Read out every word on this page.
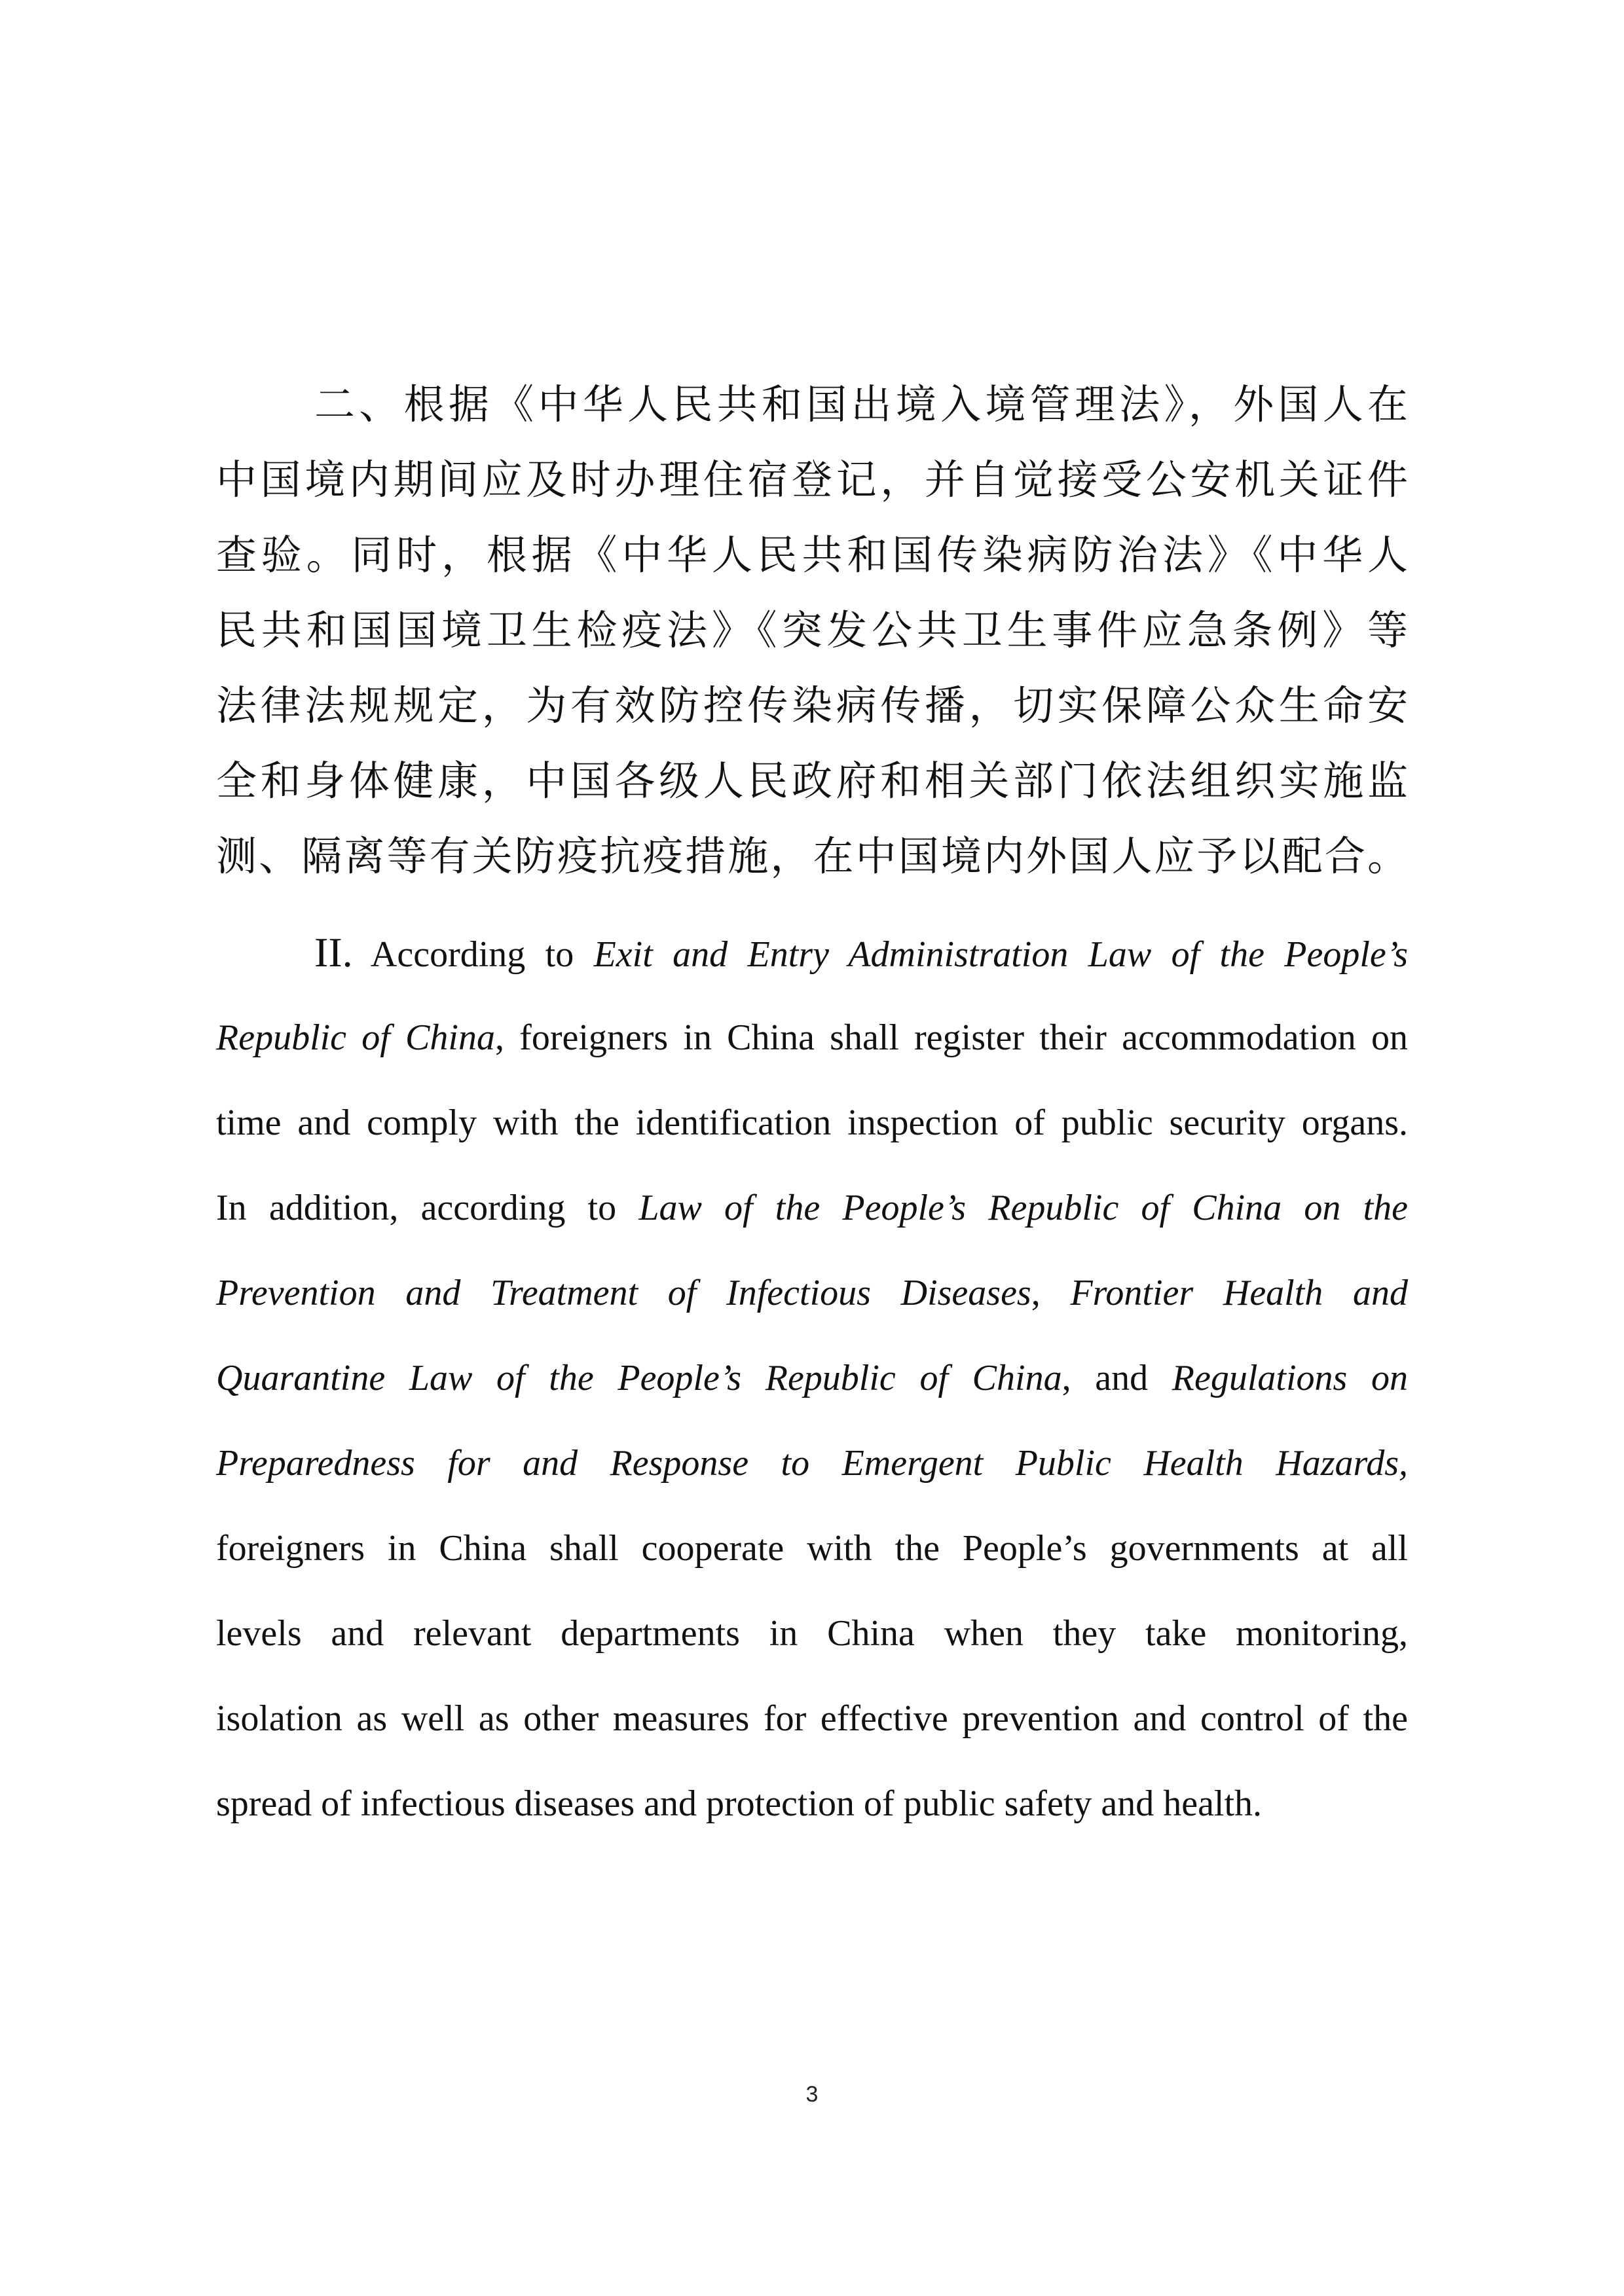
二、根据《中华人民共和国出境入境管理法》，外国人在
中国境内期间应及时办理住宿登记，并自觉接受公安机关证件
查验。同时，根据《中华人民共和国传染病防治法》《中华人
民共和国国境卫生检疫法》《突发公共卫生事件应急条例》等
法律法规规定，为有效防控传染病传播，切实保障公众生命安
全和身体健康，中国各级人民政府和相关部门依法组织实施监
测、隔离等有关防疫抗疫措施，在中国境内外国人应予以配合。
II. According to Exit and Entry Administration Law of the People’s
Republic of China, foreigners in China shall register their accommodation on
time and comply with the identification inspection of public security organs.
In addition, according to Law of the People’s Republic of China on the
Prevention and Treatment of Infectious Diseases, Frontier Health and
Quarantine Law of the People’s Republic of China, and Regulations on
Preparedness for and Response to Emergent Public Health Hazards,
foreigners in China shall cooperate with the People’s governments at all
levels and relevant departments in China when they take monitoring,
isolation as well as other measures for effective prevention and control of the
spread of infectious diseases and protection of public safety and health.
3
